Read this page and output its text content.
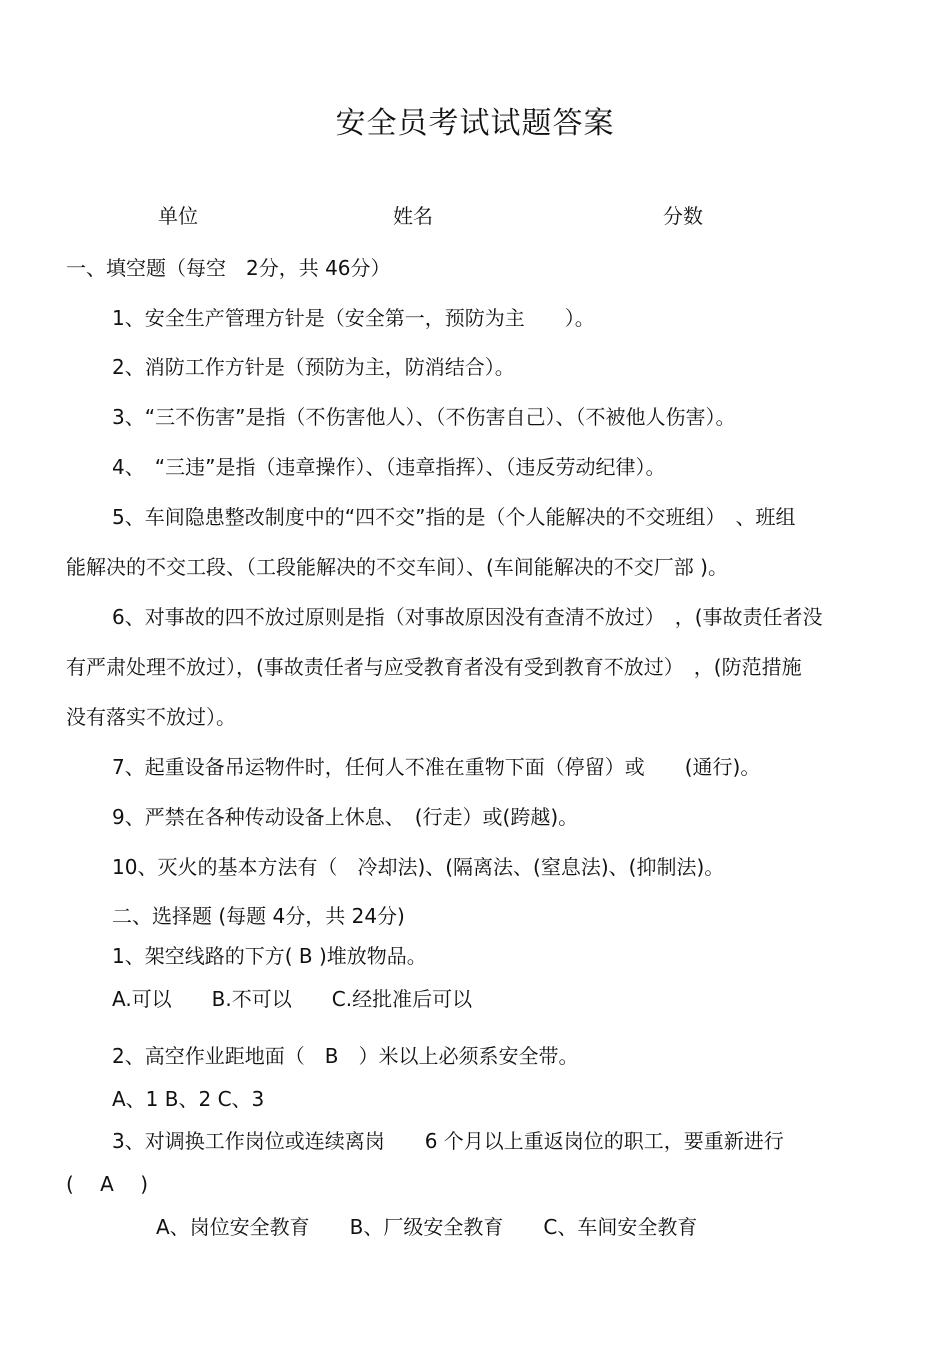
安全员考试试题答案
单位	姓名	分数
一、填空题（每空　2分，共 46分）
1、安全生产管理方针是（安全第一，预防为主　　）。
2、消防工作方针是（预防为主，防消结合）。
3、“三不伤害”是指（不伤害他人）、（不伤害自己）、（不被他人伤害）。
4、　“三违”是指（违章操作）、（违章指挥）、（违反劳动纪律）。
5、车间隐患整改制度中的“四不交”指的是（个人能解决的不交班组）　、班组
能解决的不交工段、（工段能解决的不交车间）、(车间能解决的不交厂部 )。
6、对事故的四不放过原则是指（对事故原因没有查清不放过）　，(事故责任者没
有严肃处理不放过），(事故责任者与应受教育者没有受到教育不放过）　，(防范措施
没有落实不放过）。
7、起重设备吊运物件时，任何人不准在重物下面（停留）或　　(通行)。
9、严禁在各种传动设备上休息、　(行走）或(跨越)。
10、灭火的基本方法有（　冷却法)、(隔离法、(窒息法)、(抑制法)。
二、选择题 (每题 4分，共 24分)
1、架空线路的下方( B )堆放物品。
A.可以　　B.不可以　　C.经批准后可以
2、高空作业距地面（　B　）米以上必须系安全带。
A、1 B、2 C、3
3、对调换工作岗位或连续离岗　　6 个月以上重返岗位的职工，要重新进行
(　 A　 )
A、岗位安全教育　　B、厂级安全教育　　C、车间安全教育
